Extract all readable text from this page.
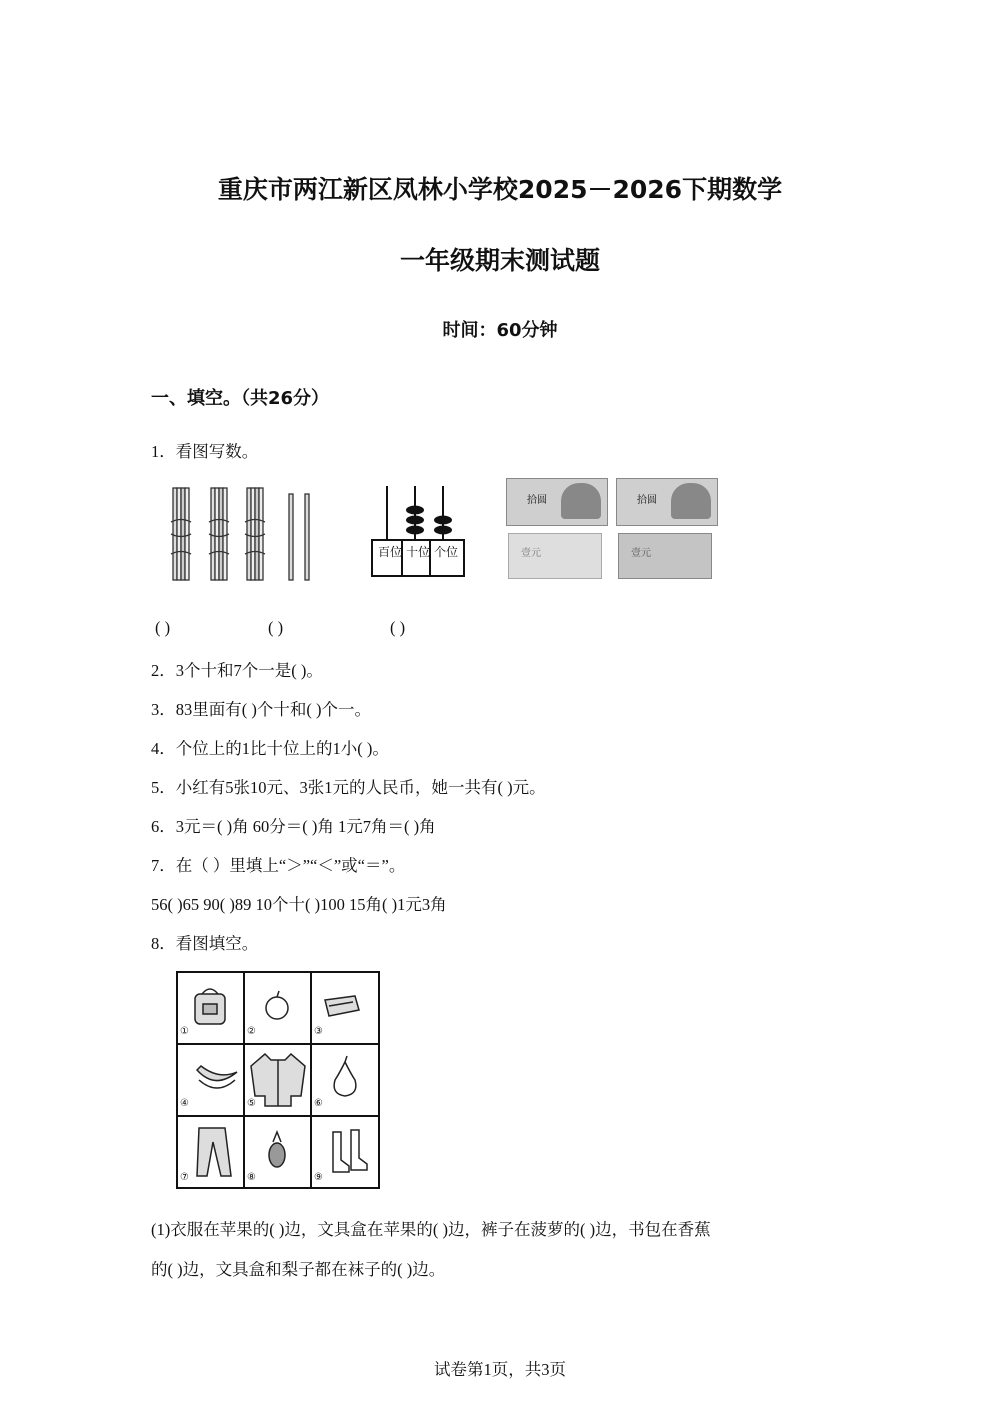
重庆市两江新区凤林小学校2025－2026下期数学
一年级期末测试题
时间：60分钟
一、填空。（共26分）
1．看图写数。
百位 十位 个位
拾圆	拾圆
壹元	壹元
( )	( )	( )
2．3个十和7个一是( )。
3．83里面有( )个十和( )个一。
4．个位上的1比十位上的1小( )。
5．小红有5张10元、3张1元的人民币，她一共有( )元。
6．3元＝( )角 60分＝( )角 1元7角＝( )角
7．在（ ）里填上“＞”“＜”或“＝”。
56( )65 90( )89 10个十( )100 15角( )1元3角
8．看图填空。
①	②	③
④	⑤	⑥
⑦	⑧	⑨
(1)衣服在苹果的( )边，文具盒在苹果的( )边，裤子在菠萝的( )边，书包在香蕉
的( )边，文具盒和梨子都在袜子的( )边。
试卷第1页，共3页
